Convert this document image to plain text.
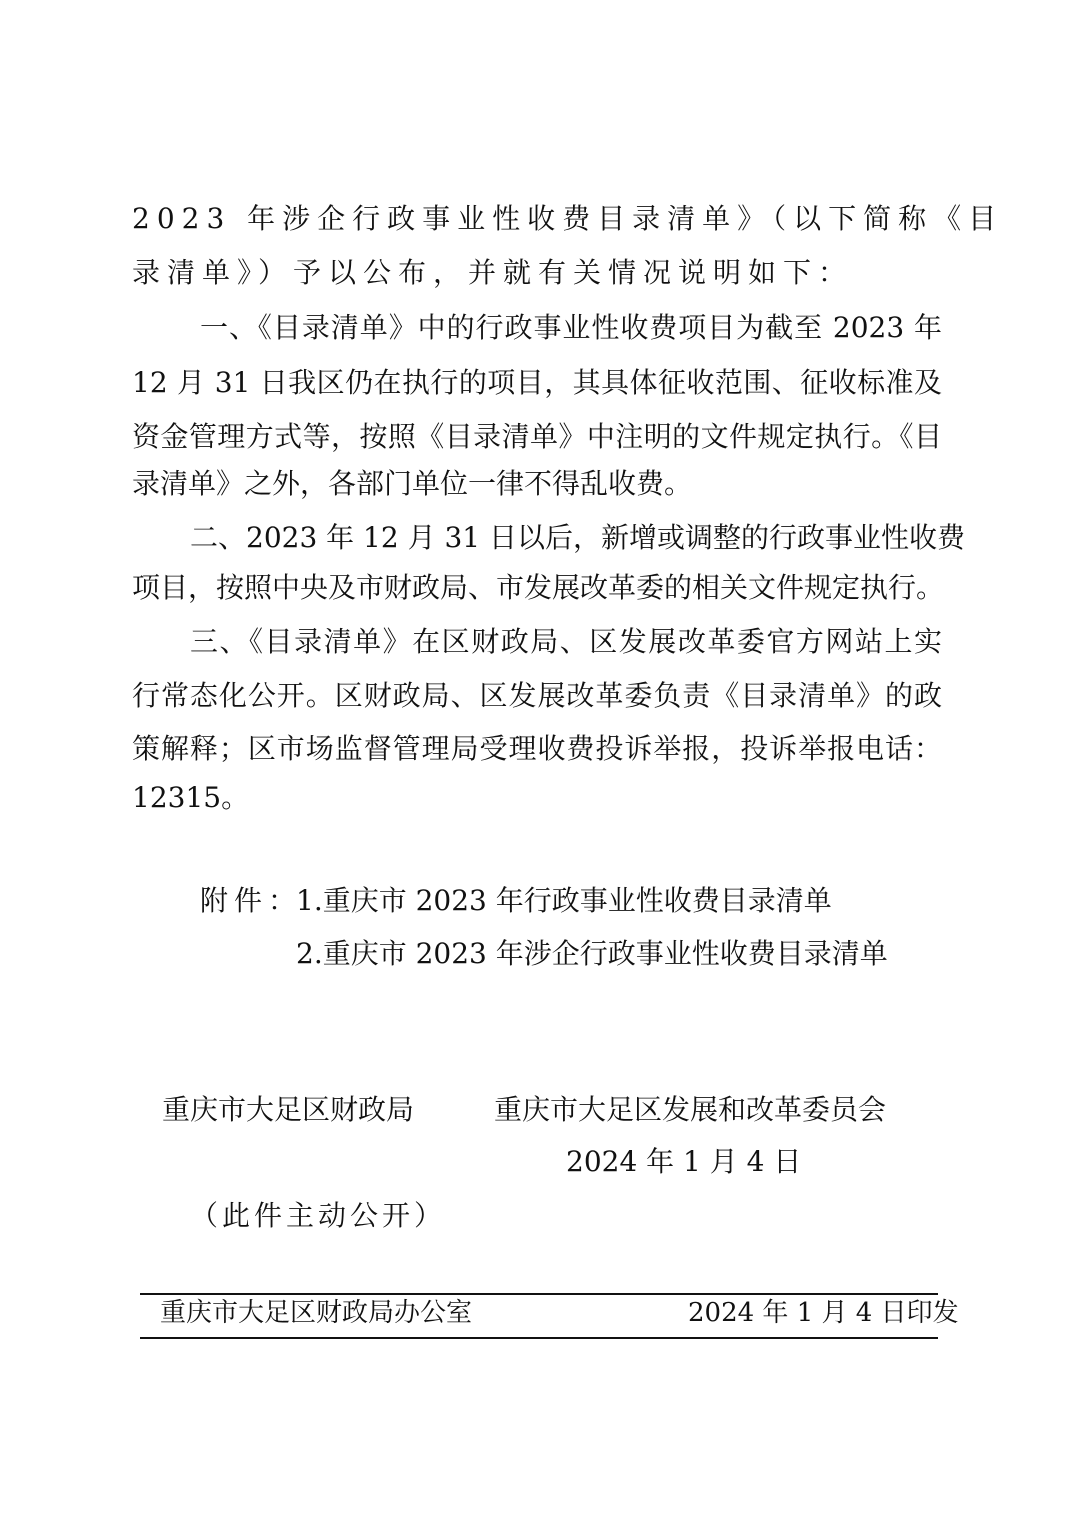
2023 年涉企行政事业性收费目录清单》（以下简称《目
录清单》）予以公布，并就有关情况说明如下：
一、《目录清单》中的行政事业性收费项目为截至 2023 年
12 月 31 日我区仍在执行的项目，其具体征收范围、征收标准及
资金管理方式等，按照《目录清单》中注明的文件规定执行。《目
录清单》之外，各部门单位一律不得乱收费。
二、2023 年 12 月 31 日以后，新增或调整的行政事业性收费
项目，按照中央及市财政局、市发展改革委的相关文件规定执行。
三、《目录清单》在区财政局、区发展改革委官方网站上实
行常态化公开。区财政局、区发展改革委负责《目录清单》的政
策解释；区市场监督管理局受理收费投诉举报，投诉举报电话：
12315。
附件：
1.重庆市 2023 年行政事业性收费目录清单
2.重庆市 2023 年涉企行政事业性收费目录清单
重庆市大足区财政局	重庆市大足区发展和改革委员会
2024 年 1 月 4 日
（此件主动公开）
重庆市大足区财政局办公室	2024 年 1 月 4 日印发
